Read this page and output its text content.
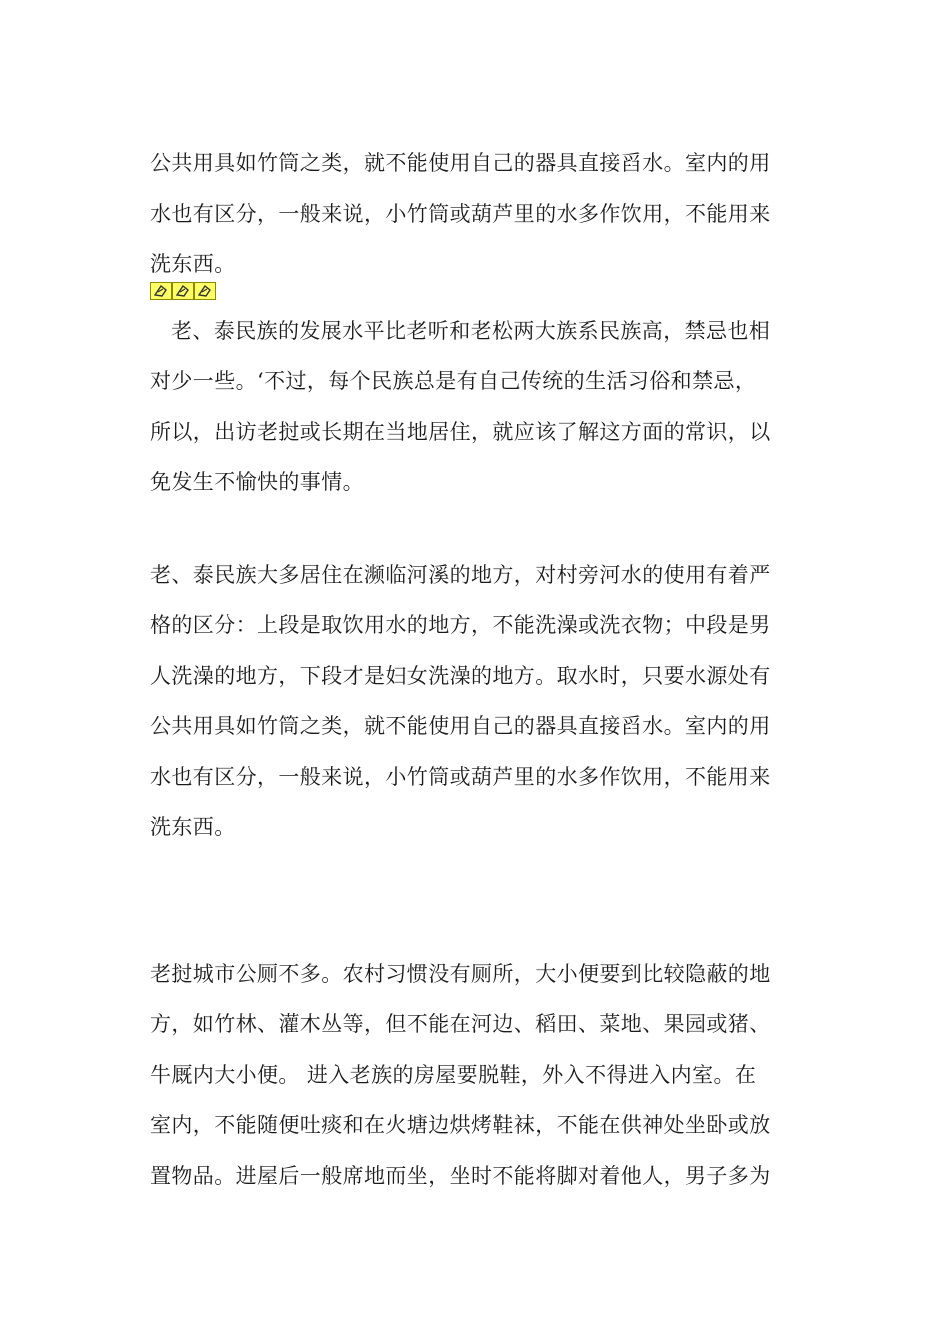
公共用具如竹筒之类，就不能使用自己的器具直接舀水。室内的用
水也有区分，一般来说，小竹筒或葫芦里的水多作饮用，不能用来
洗东西。
老、泰民族的发展水平比老听和老松两大族系民族高，禁忌也相
对少一些。‘不过，每个民族总是有自己传统的生活习俗和禁忌，
所以，出访老挝或长期在当地居住，就应该了解这方面的常识，以
免发生不愉快的事情。
老、泰民族大多居住在濒临河溪的地方，对村旁河水的使用有着严
格的区分：上段是取饮用水的地方，不能洗澡或洗衣物；中段是男
人洗澡的地方，下段才是妇女洗澡的地方。取水时，只要水源处有
公共用具如竹筒之类，就不能使用自己的器具直接舀水。室内的用
水也有区分，一般来说，小竹筒或葫芦里的水多作饮用，不能用来
洗东西。
老挝城市公厕不多。农村习惯没有厕所，大小便要到比较隐蔽的地
方，如竹林、灌木丛等，但不能在河边、稻田、菜地、果园或猪、
牛厩内大小便。 进入老族的房屋要脱鞋，外入不得进入内室。在
室内，不能随便吐痰和在火塘边烘烤鞋袜，不能在供神处坐卧或放
置物品。进屋后一般席地而坐，坐时不能将脚对着他人，男子多为
